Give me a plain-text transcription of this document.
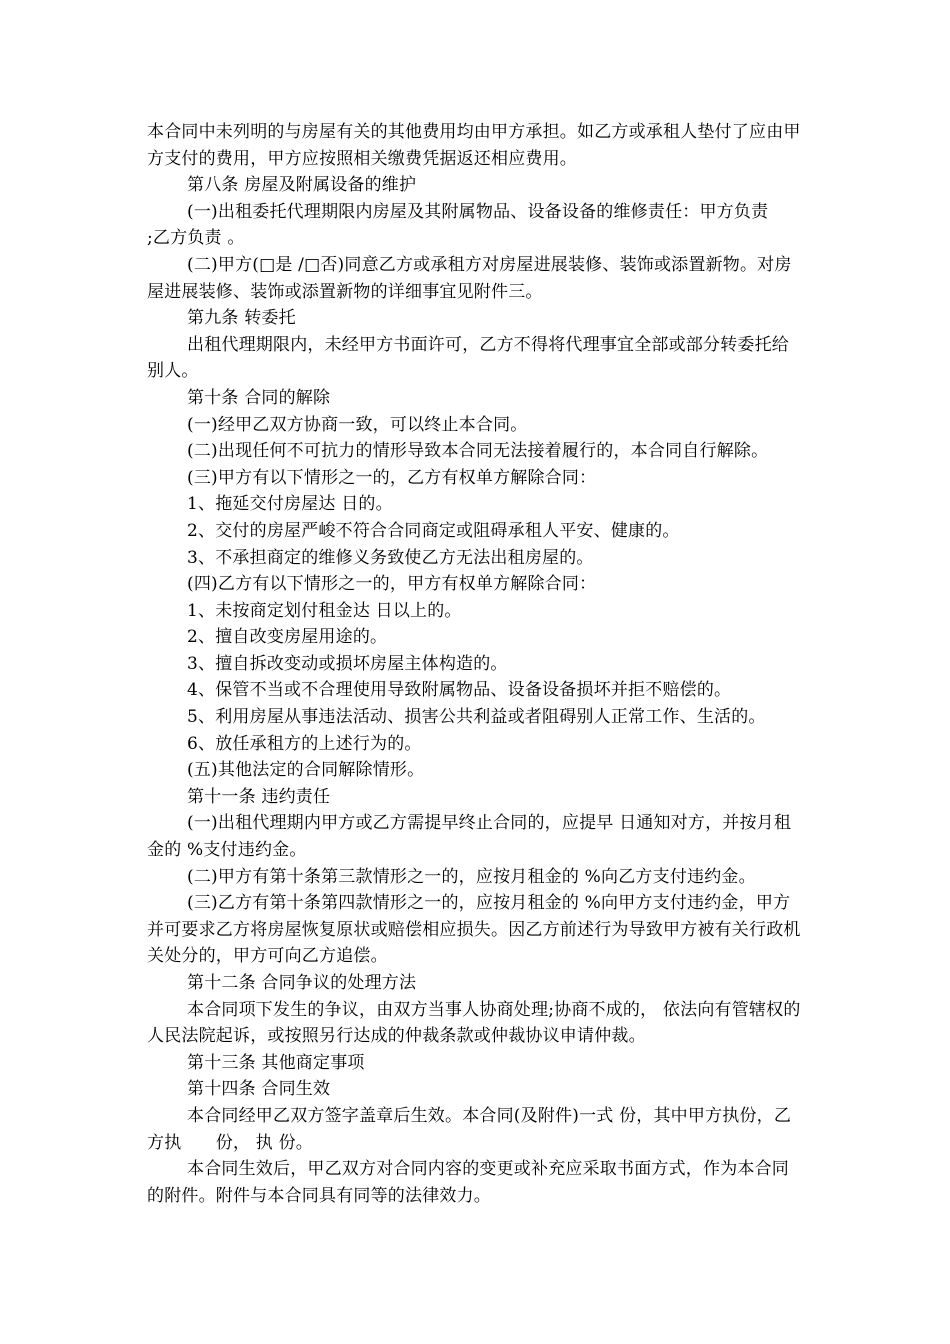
本合同中未列明的与房屋有关的其他费用均由甲方承担。如乙方或承租人垫付了应由甲方支付的费用，甲方应按照相关缴费凭据返还相应费用。

第八条 房屋及附属设备的维护

(一)出租委托代理期限内房屋及其附属物品、设备设备的维修责任：甲方负责　　;乙方负责 。

(二)甲方(□是 /□否)同意乙方或承租方对房屋进展装修、装饰或添置新物。对房屋进展装修、装饰或添置新物的详细事宜见附件三。

第九条 转委托

出租代理期限内，未经甲方书面许可，乙方不得将代理事宜全部或部分转委托给别人。

第十条 合同的解除

(一)经甲乙双方协商一致，可以终止本合同。

(二)出现任何不可抗力的情形导致本合同无法接着履行的，本合同自行解除。

(三)甲方有以下情形之一的，乙方有权单方解除合同：

1、拖延交付房屋达 日的。

2、交付的房屋严峻不符合合同商定或阻碍承租人平安、健康的。

3、不承担商定的维修义务致使乙方无法出租房屋的。

(四)乙方有以下情形之一的，甲方有权单方解除合同：

1、未按商定划付租金达 日以上的。

2、擅自改变房屋用途的。

3、擅自拆改变动或损坏房屋主体构造的。

4、保管不当或不合理使用导致附属物品、设备设备损坏并拒不赔偿的。

5、利用房屋从事违法活动、损害公共利益或者阻碍别人正常工作、生活的。

6、放任承租方的上述行为的。

(五)其他法定的合同解除情形。

第十一条 违约责任

(一)出租代理期内甲方或乙方需提早终止合同的，应提早 日通知对方，并按月租金的 %支付违约金。

(二)甲方有第十条第三款情形之一的，应按月租金的 %向乙方支付违约金。

(三)乙方有第十条第四款情形之一的，应按月租金的 %向甲方支付违约金，甲方并可要求乙方将房屋恢复原状或赔偿相应损失。因乙方前述行为导致甲方被有关行政机关处分的，甲方可向乙方追偿。

第十二条 合同争议的处理方法

本合同项下发生的争议，由双方当事人协商处理;协商不成的， 依法向有管辖权的人民法院起诉，或按照另行达成的仲裁条款或仲裁协议申请仲裁。

第十三条 其他商定事项

第十四条 合同生效

本合同经甲乙双方签字盖章后生效。本合同(及附件)一式 份，其中甲方执份，乙方执　　份， 执 份。

本合同生效后，甲乙双方对合同内容的变更或补充应采取书面方式，作为本合同的附件。附件与本合同具有同等的法律效力。
